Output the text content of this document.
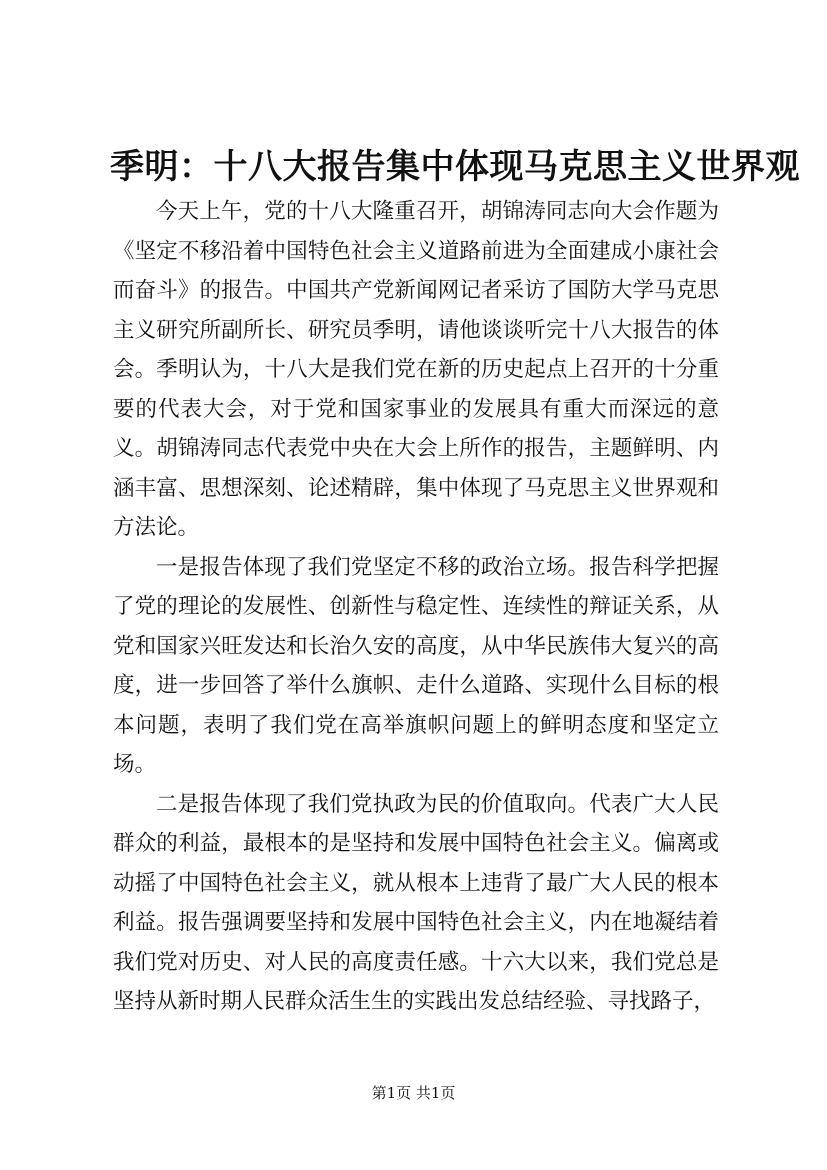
季明：十八大报告集中体现马克思主义世界观

今天上午，党的十八大隆重召开，胡锦涛同志向大会作题为《坚定不移沿着中国特色社会主义道路前进为全面建成小康社会而奋斗》的报告。中国共产党新闻网记者采访了国防大学马克思主义研究所副所长、研究员季明，请他谈谈听完十八大报告的体会。季明认为，十八大是我们党在新的历史起点上召开的十分重要的代表大会，对于党和国家事业的发展具有重大而深远的意义。胡锦涛同志代表党中央在大会上所作的报告，主题鲜明、内涵丰富、思想深刻、论述精辟，集中体现了马克思主义世界观和方法论。

一是报告体现了我们党坚定不移的政治立场。报告科学把握了党的理论的发展性、创新性与稳定性、连续性的辩证关系，从党和国家兴旺发达和长治久安的高度，从中华民族伟大复兴的高度，进一步回答了举什么旗帜、走什么道路、实现什么目标的根本问题，表明了我们党在高举旗帜问题上的鲜明态度和坚定立场。

二是报告体现了我们党执政为民的价值取向。代表广大人民群众的利益，最根本的是坚持和发展中国特色社会主义。偏离或动摇了中国特色社会主义，就从根本上违背了最广大人民的根本利益。报告强调要坚持和发展中国特色社会主义，内在地凝结着我们党对历史、对人民的高度责任感。十六大以来，我们党总是坚持从新时期人民群众活生生的实践出发总结经验、寻找路子，

第1页 共1页
